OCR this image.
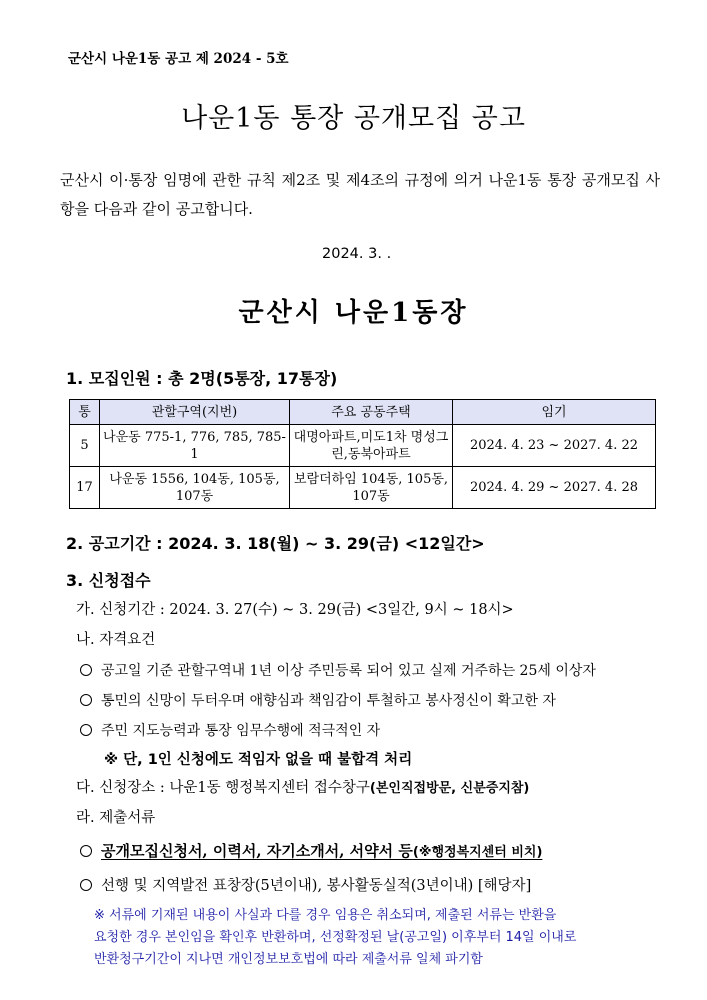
군산시 나운1동 공고 제 2024 - 5호
나운1동 통장 공개모집 공고
군산시 이·통장 임명에 관한 규칙 제2조 및 제4조의 규정에 의거 나운1동 통장 공개모집 사항을 다음과 같이 공고합니다.
2024. 3. .
군산시 나운1동장
1. 모집인원 : 총 2명(5통장, 17통장)
통	관할구역(지번)	주요 공동주택	임기
5	나운동 775-1, 776, 785, 785-1	대명아파트,미도1차 명성그린,동북아파트	2024. 4. 23 ~ 2027. 4. 22
17	나운동 1556, 104동, 105동, 107동	보람더하임 104동, 105동, 107동	2024. 4. 29 ~ 2027. 4. 28
2. 공고기간 : 2024. 3. 18(월) ~ 3. 29(금) <12일간>
3. 신청접수
가. 신청기간 : 2024. 3. 27(수) ~ 3. 29(금) <3일간, 9시 ~ 18시>
나. 자격요건
공고일 기준 관할구역내 1년 이상 주민등록 되어 있고 실제 거주하는 25세 이상자
통민의 신망이 두터우며 애향심과 책임감이 투철하고 봉사정신이 확고한 자
주민 지도능력과 통장 임무수행에 적극적인 자
※ 단, 1인 신청에도 적임자 없을 때 불합격 처리
다. 신청장소 : 나운1동 행정복지센터 접수창구(본인직접방문, 신분증지참)
라. 제출서류
공개모집신청서, 이력서, 자기소개서, 서약서 등(※행정복지센터 비치)
선행 및 지역발전 표창장(5년이내), 봉사활동실적(3년이내) [해당자]
※ 서류에 기재된 내용이 사실과 다를 경우 임용은 취소되며, 제출된 서류는 반환을
요청한 경우 본인임을 확인후 반환하며, 선정확정된 날(공고일) 이후부터 14일 이내로
반환청구기간이 지나면 개인정보보호법에 따라 제출서류 일체 파기함
